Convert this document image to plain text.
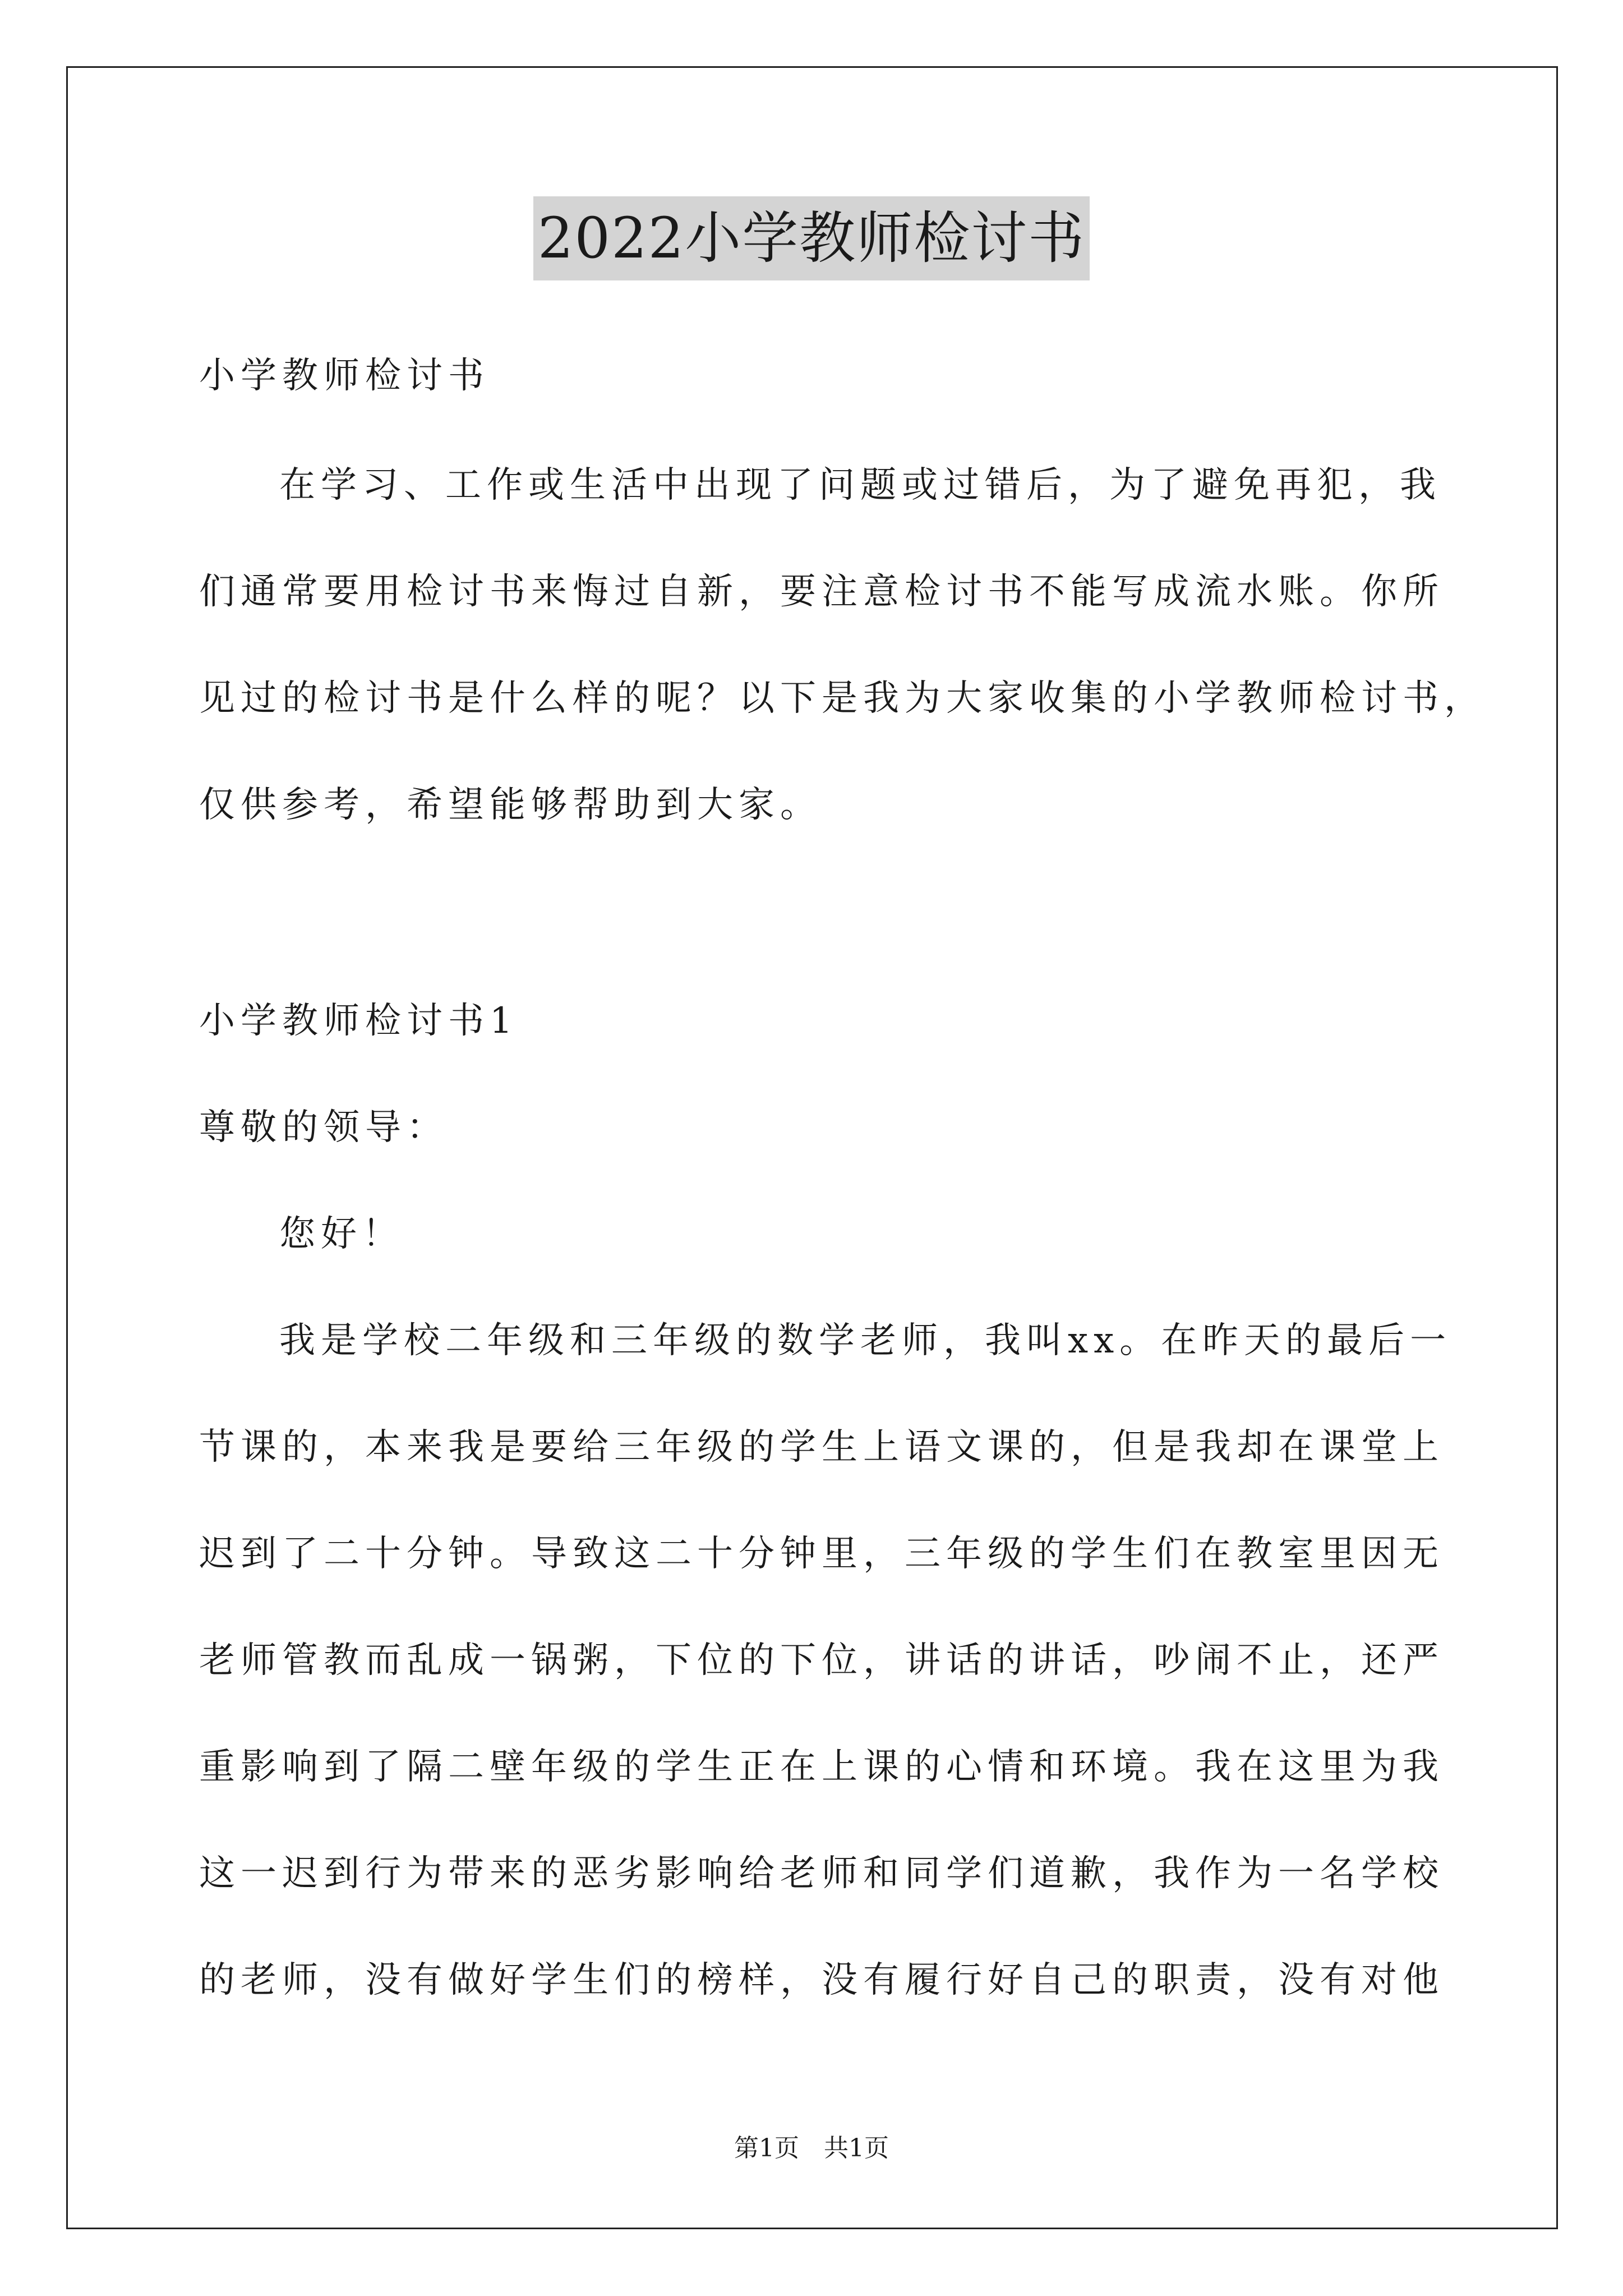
2022小学教师检讨书
小学教师检讨书
在学习、工作或生活中出现了问题或过错后，为了避免再犯，我
们通常要用检讨书来悔过自新，要注意检讨书不能写成流水账。你所
见过的检讨书是什么样的呢？以下是我为大家收集的小学教师检讨书，
仅供参考，希望能够帮助到大家。
小学教师检讨书1
尊敬的领导：
您好！
我是学校二年级和三年级的数学老师，我叫xx。在昨天的最后一
节课的，本来我是要给三年级的学生上语文课的，但是我却在课堂上
迟到了二十分钟。导致这二十分钟里，三年级的学生们在教室里因无
老师管教而乱成一锅粥，下位的下位，讲话的讲话，吵闹不止，还严
重影响到了隔二壁年级的学生正在上课的心情和环境。我在这里为我
这一迟到行为带来的恶劣影响给老师和同学们道歉，我作为一名学校
的老师，没有做好学生们的榜样，没有履行好自己的职责，没有对他
第1页　共1页
